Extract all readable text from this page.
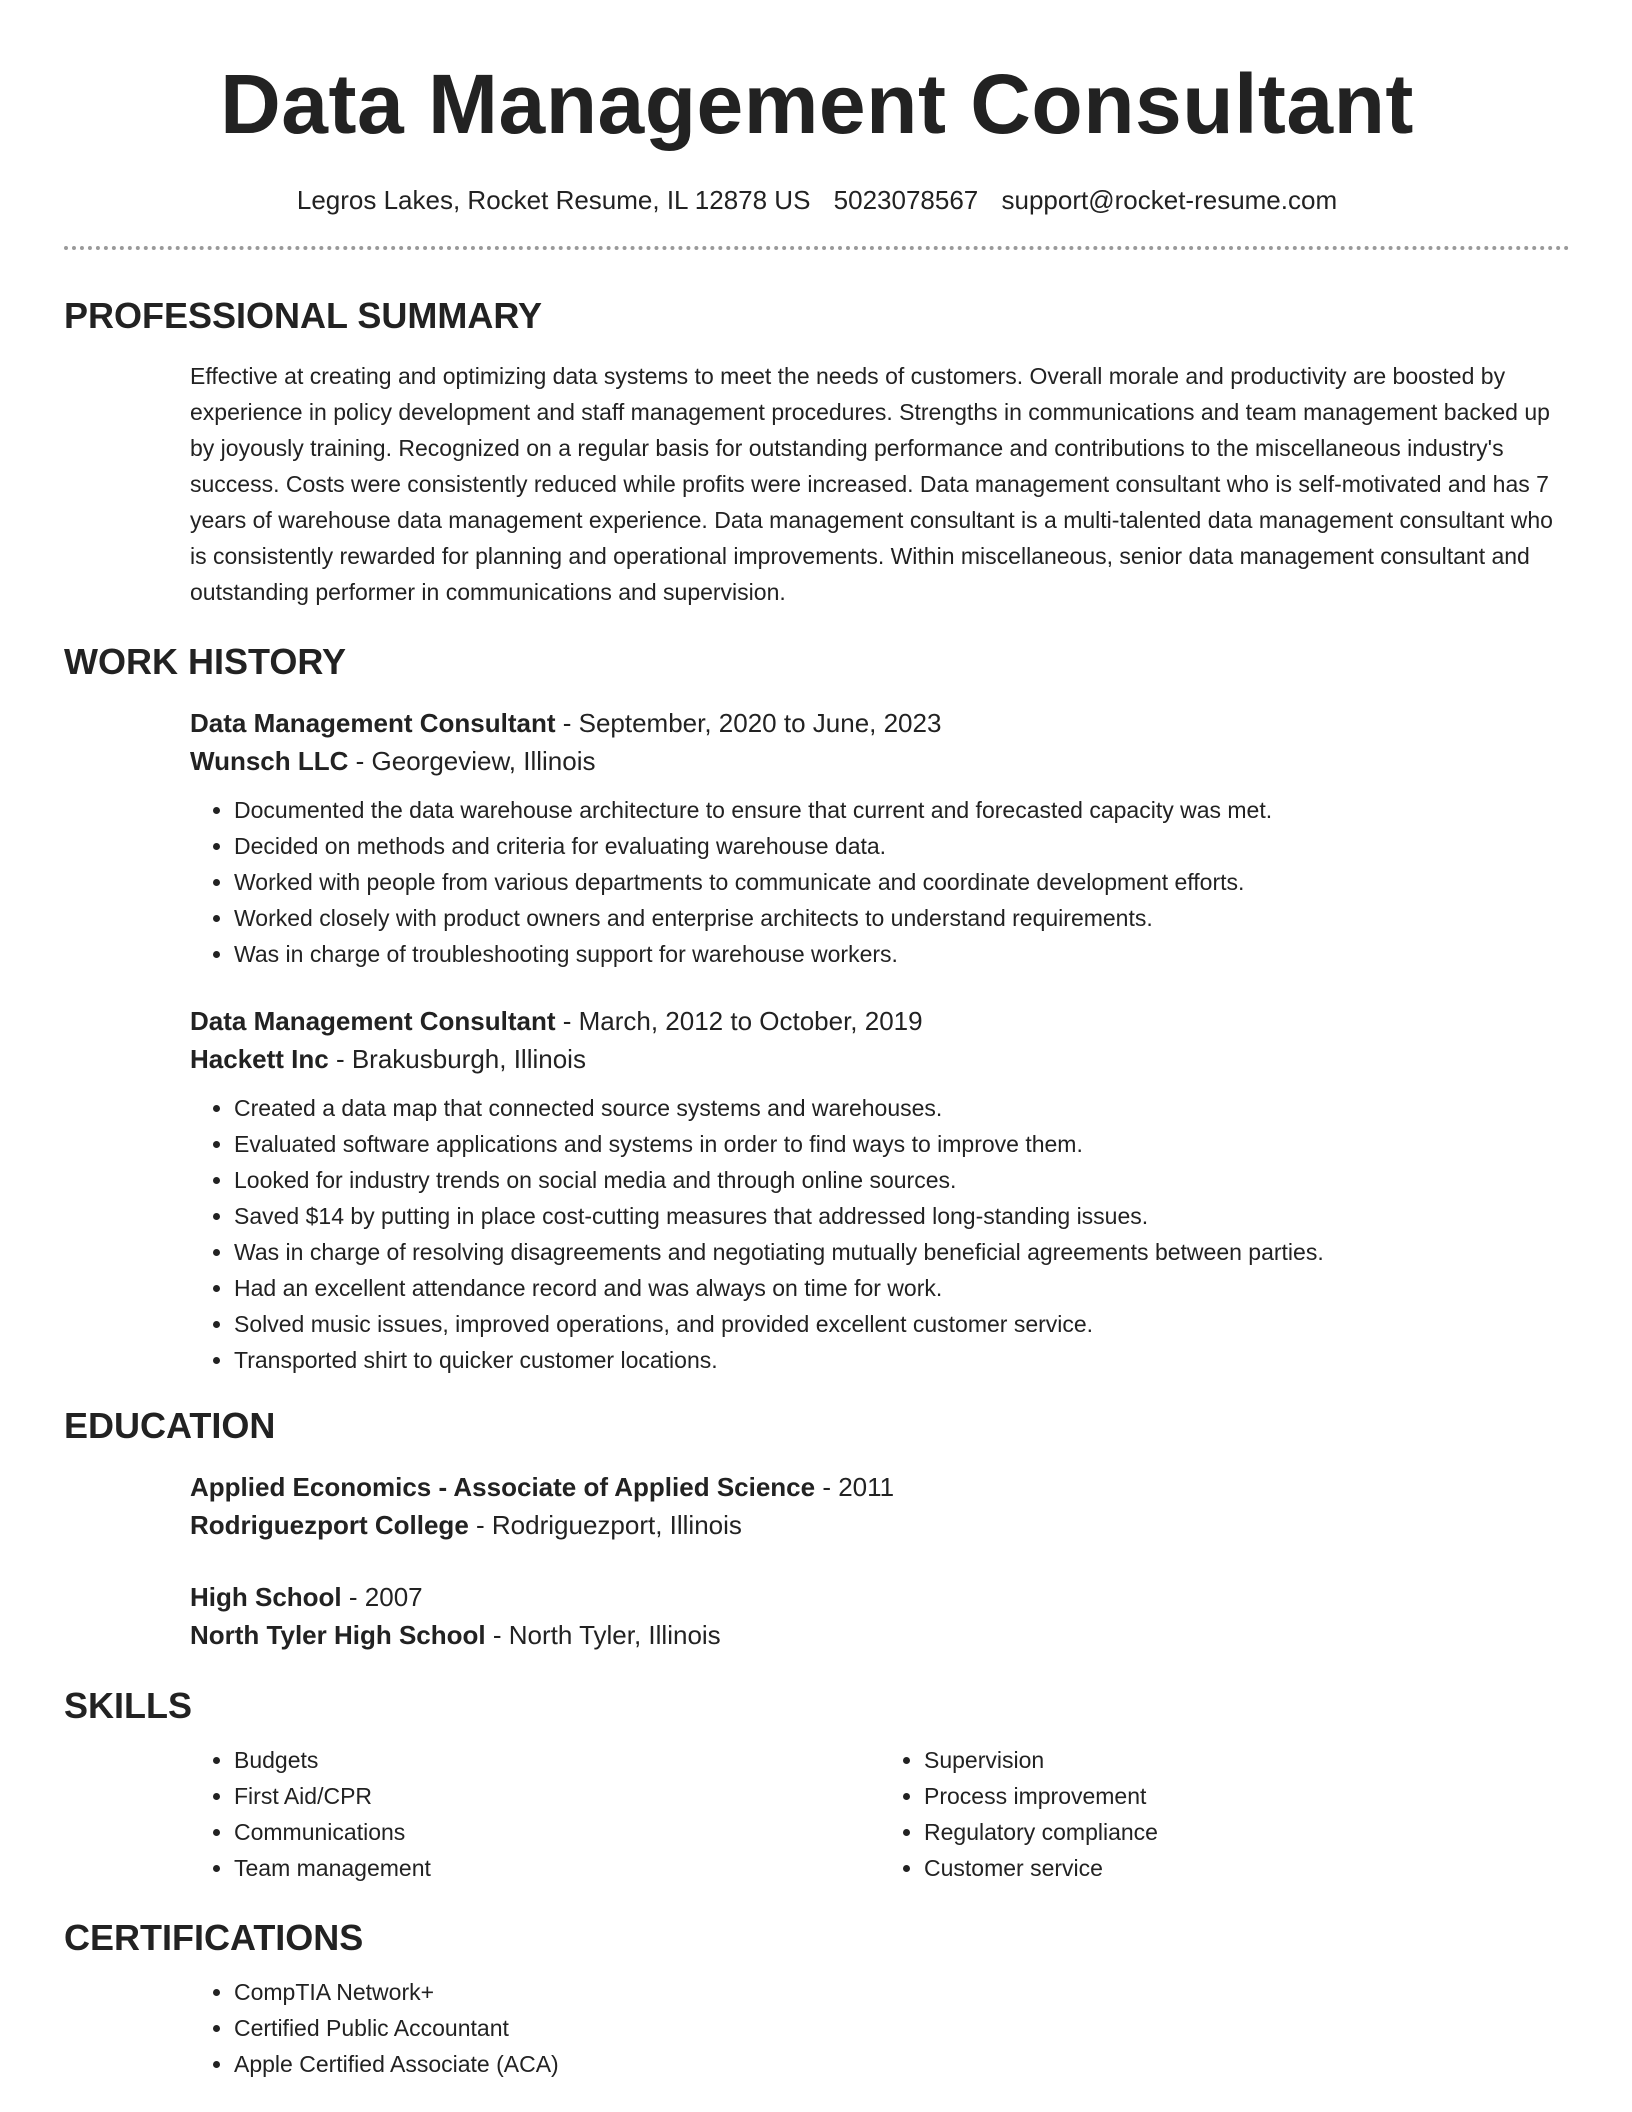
Data Management Consultant
Legros Lakes, Rocket Resume, IL 12878 US 5023078567 support@rocket-resume.com
PROFESSIONAL SUMMARY
Effective at creating and optimizing data systems to meet the needs of customers. Overall morale and productivity are boosted by experience in policy development and staff management procedures. Strengths in communications and team management backed up by joyously training. Recognized on a regular basis for outstanding performance and contributions to the miscellaneous industry's success. Costs were consistently reduced while profits were increased. Data management consultant who is self-motivated and has 7 years of warehouse data management experience. Data management consultant is a multi-talented data management consultant who is consistently rewarded for planning and operational improvements. Within miscellaneous, senior data management consultant and outstanding performer in communications and supervision.
WORK HISTORY
Data Management Consultant - September, 2020 to June, 2023
Wunsch LLC - Georgeview, Illinois
• Documented the data warehouse architecture to ensure that current and forecasted capacity was met.
• Decided on methods and criteria for evaluating warehouse data.
• Worked with people from various departments to communicate and coordinate development efforts.
• Worked closely with product owners and enterprise architects to understand requirements.
• Was in charge of troubleshooting support for warehouse workers.
Data Management Consultant - March, 2012 to October, 2019
Hackett Inc - Brakusburgh, Illinois
• Created a data map that connected source systems and warehouses.
• Evaluated software applications and systems in order to find ways to improve them.
• Looked for industry trends on social media and through online sources.
• Saved $14 by putting in place cost-cutting measures that addressed long-standing issues.
• Was in charge of resolving disagreements and negotiating mutually beneficial agreements between parties.
• Had an excellent attendance record and was always on time for work.
• Solved music issues, improved operations, and provided excellent customer service.
• Transported shirt to quicker customer locations.
EDUCATION
Applied Economics - Associate of Applied Science - 2011
Rodriguezport College - Rodriguezport, Illinois
High School - 2007
North Tyler High School - North Tyler, Illinois
SKILLS
• Budgets
• First Aid/CPR
• Communications
• Team management
• Supervision
• Process improvement
• Regulatory compliance
• Customer service
CERTIFICATIONS
• CompTIA Network+
• Certified Public Accountant
• Apple Certified Associate (ACA)
